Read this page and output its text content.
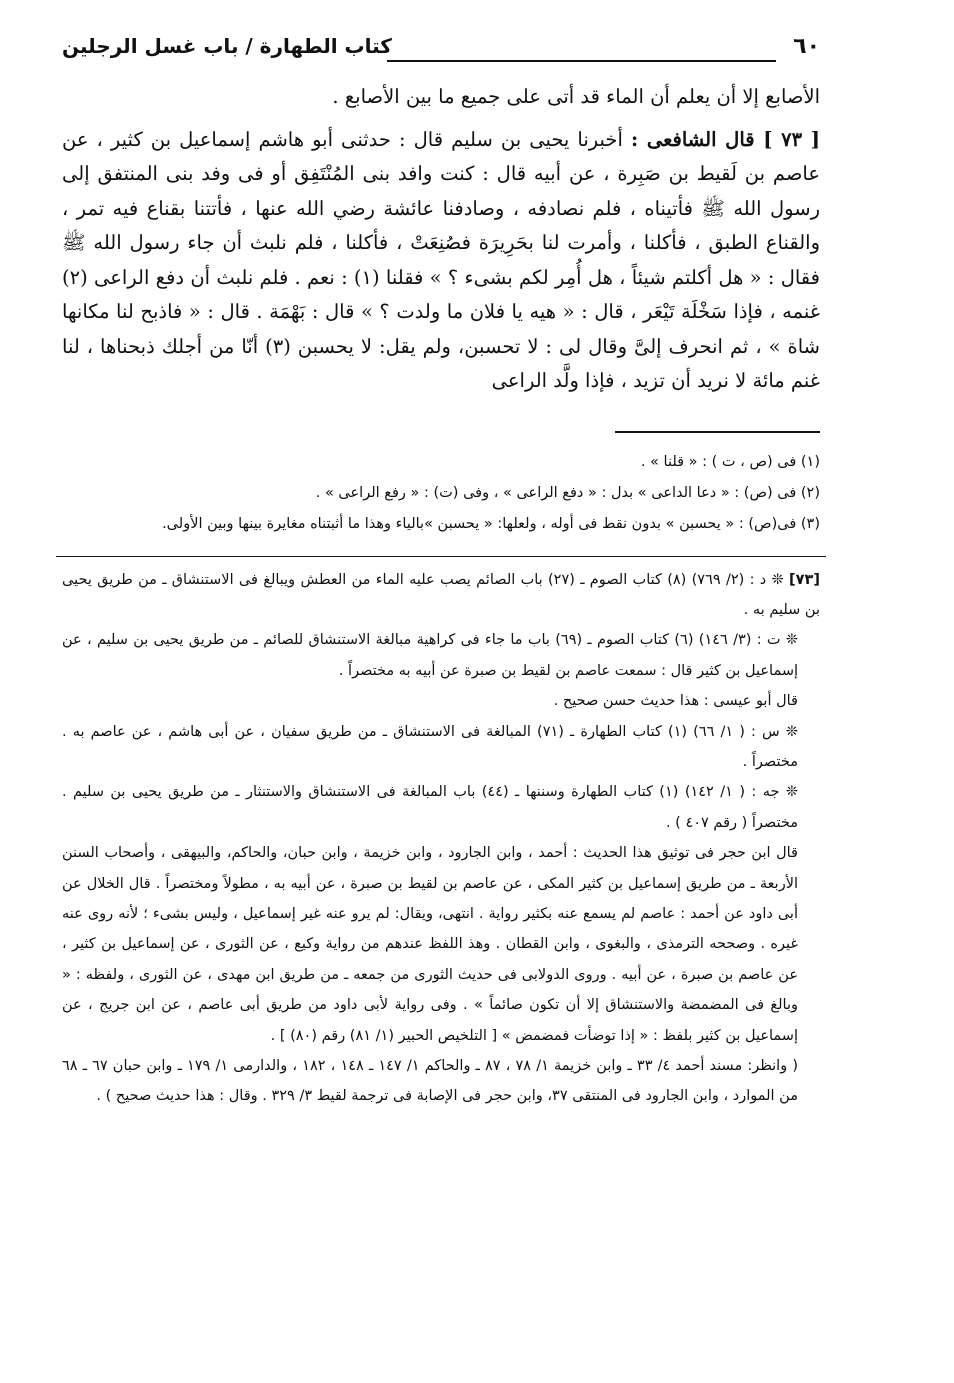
٦٠
كتاب الطهارة / باب غسل الرجلين

الأصابع إلا أن يعلم أن الماء قد أتى على جميع ما بين الأصابع .

[ ٧٣ ] قال الشافعى : أخبرنا يحيى بن سليم قال : حدثنى أبو هاشم إسماعيل بن كثير ، عن عاصم بن لَقيط بن صَبِرة ، عن أبيه قال : كنت وافد بنى المُنْتَفِق أو فى وفد بنى المنتفق إلى رسول الله ﷺ فأتيناه ، فلم نصادفه ، وصادفنا عائشة رضي الله عنها ، فأتتنا بقناع فيه تمر ، والقناع الطبق ، فأكلنا ، وأمرت لنا بحَرِيرَة فصُنِعَتْ ، فأكلنا ، فلم نلبث أن جاء رسول الله ﷺ فقال : « هل أكلتم شيئاً ، هل أُمِر لكم بشىء ؟ » فقلنا (١) : نعم . فلم نلبث أن دفع الراعى (٢) غنمه ، فإذا سَخْلَة تَيْعَر ، قال : « هيه يا فلان ما ولدت ؟ » قال : بَهْمَة . قال : « فاذبح لنا مكانها شاة » ، ثم انحرف إلىَّ وقال لى : لا تحسبن، ولم يقل: لا يحسبن (٣) أنّا من أجلك ذبحناها ، لنا غنم مائة لا نريد أن تزيد ، فإذا ولَّد الراعى

(١) فى (ص ، ت ) : « قلنا » .
(٢) فى (ص) : « دعا الداعى » بدل : « دفع الراعى » ، وفى (ت) : « رفع الراعى » .
(٣) فى(ص) : « يحسبن » بدون نقط فى أوله ، ولعلها: « يحسبن »بالياء وهذا ما أثبتناه مغايرة بينها وبين الأولى.

[٧٣] ❊ د : (٢/ ٧٦٩) (٨) كتاب الصوم ـ (٢٧) باب الصائم يصب عليه الماء من العطش ويبالغ فى الاستنشاق ـ من طريق يحيى بن سليم به .

❊ ت : (٣/ ١٤٦) (٦) كتاب الصوم ـ (٦٩) باب ما جاء فى كراهية مبالغة الاستنشاق للصائم ـ من طريق يحيى بن سليم ، عن إسماعيل بن كثير قال : سمعت عاصم بن لقيط بن صبرة عن أبيه به مختصراً .

قال أبو عيسى : هذا حديث حسن صحيح .

❊ س : ( ١/ ٦٦) (١) كتاب الطهارة ـ (٧١) المبالغة فى الاستنشاق ـ من طريق سفيان ، عن أبى هاشم ، عن عاصم به . مختصراً .

❊ جه : ( ١/ ١٤٢) (١) كتاب الطهارة وسننها ـ (٤٤) باب المبالغة فى الاستنشاق والاستنثار ـ من طريق يحيى بن سليم . مختصراً ( رقم ٤٠٧ ) .

قال ابن حجر فى توثيق هذا الحديث : أحمد ، وابن الجارود ، وابن خزيمة ، وابن حبان، والحاكم، والبيهقى ، وأصحاب السنن الأربعة ـ من طريق إسماعيل بن كثير المكى ، عن عاصم بن لقيط بن صبرة ، عن أبيه به ، مطولاً ومختصراً . قال الخلال عن أبى داود عن أحمد : عاصم لم يسمع عنه بكثير رواية . انتهى، ويقال: لم يرو عنه غير إسماعيل ، وليس بشىء ؛ لأنه روى عنه غيره . وصححه الترمذى ، والبغوى ، وابن القطان . وهذ اللفظ عندهم من رواية وكيع ، عن الثورى ، عن إسماعيل بن كثير ، عن عاصم بن صبرة ، عن أبيه . وروى الدولابى فى حديث الثورى من جمعه ـ من طريق ابن مهدى ، عن الثورى ، ولفظه : « وبالغ فى المضمضة والاستنشاق إلا أن تكون صائماً » . وفى رواية لأبى داود من طريق أبى عاصم ، عن ابن جريج ، عن إسماعيل بن كثير بلفظ : « إذا توضأت فمضمض » [ التلخيص الحبير (١/ ٨١) رقم (٨٠) ] .

( وانظر: مسند أحمد ٤/ ٣٣ ـ وابن خزيمة ١/ ٧٨ ، ٨٧ ـ والحاكم ١/ ١٤٧ ـ ١٤٨ ، ١٨٢ ، والدارمى ١/ ١٧٩ ـ وابن حبان ٦٧ ـ ٦٨ من الموارد ، وابن الجارود فى المنتقى ٣٧، وابن حجر فى الإصابة فى ترجمة لقيط ٣/ ٣٢٩ . وقال : هذا حديث صحيح ) .
